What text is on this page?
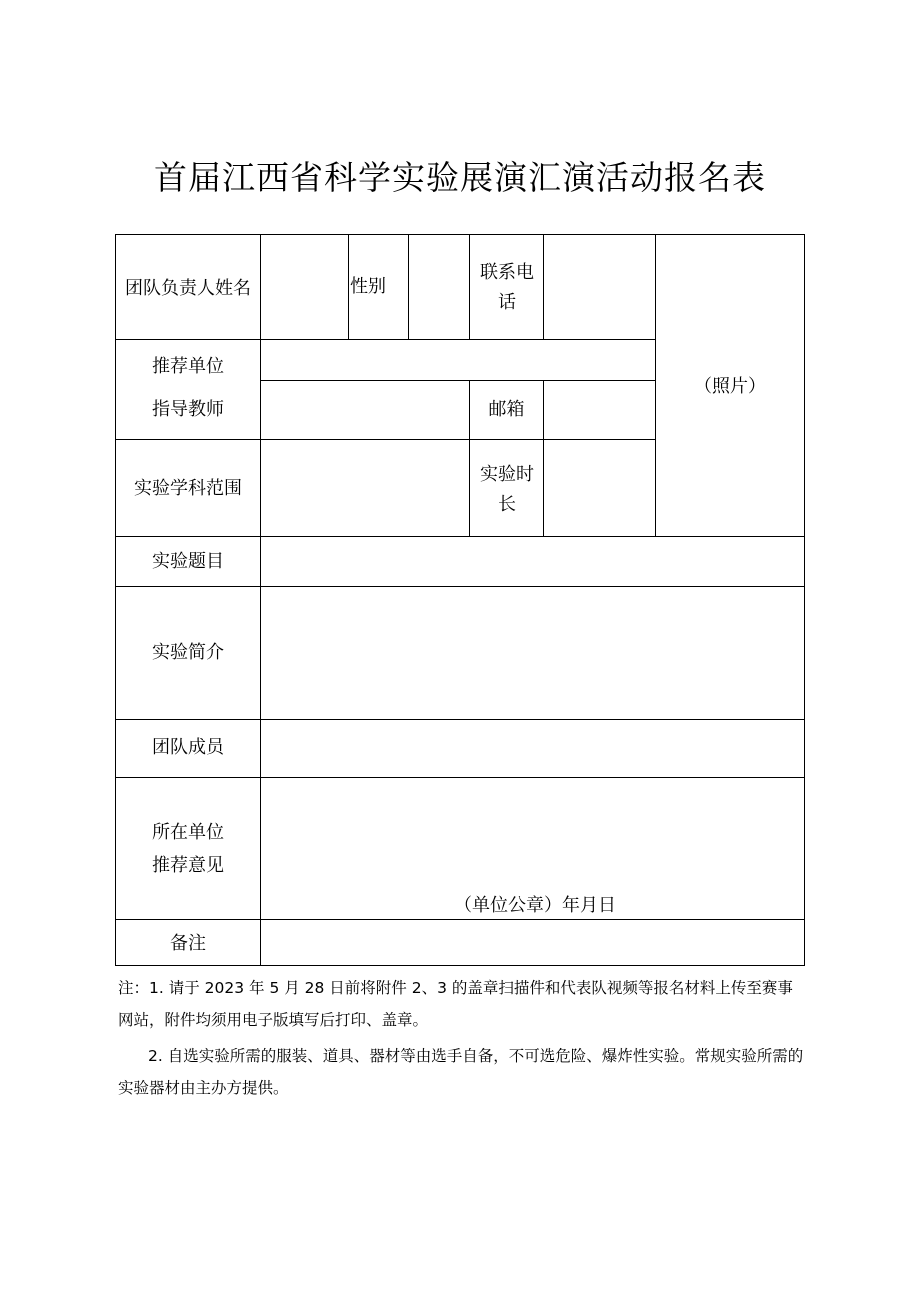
首届江西省科学实验展演汇演活动报名表
团队负责人姓名	性别
联系电话
（照片）
推荐单位
指导教师	邮箱
实验学科范围
实验时长
实验题目
实验简介
团队成员
所在单位
推荐意见
（单位公章）年月日
备注

注：1. 请于 2023 年 5 月 28 日前将附件 2、3 的盖章扫描件和代表队视频等报名材料上传至赛事网站，附件均须用电子版填写后打印、盖章。

2. 自选实验所需的服装、道具、器材等由选手自备，不可选危险、爆炸性实验。常规实验所需的实验器材由主办方提供。
